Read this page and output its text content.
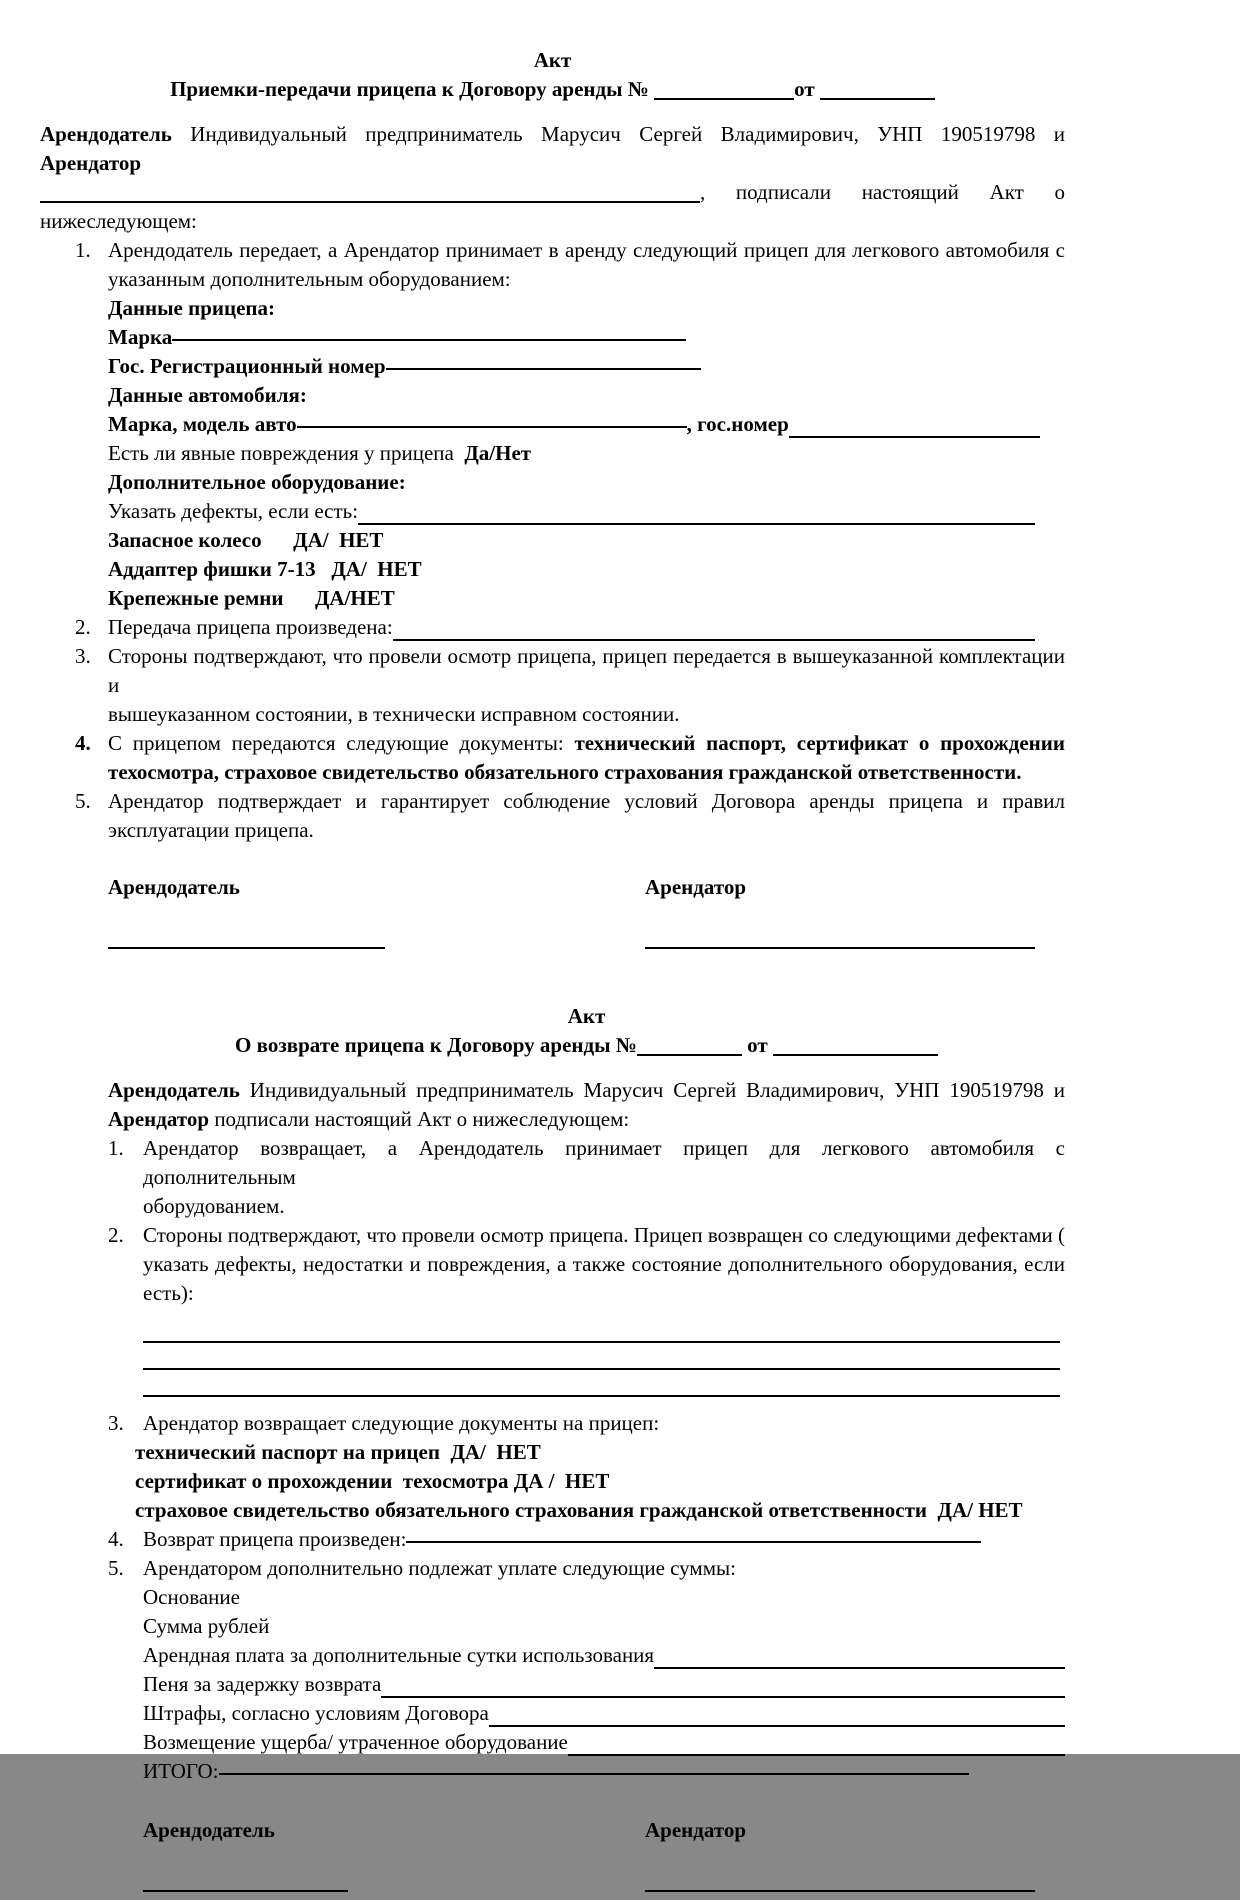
Акт
Приемки-передачи прицепа к Договору аренды №	от
Арендодатель Индивидуальный предприниматель Марусич Сергей Владимирович, УНП 190519798 и Арендатор
, подписали настоящий Акт о
нижеследующем:
1. Арендодатель передает, а Арендатор принимает в аренду следующий прицеп для легкового автомобиля с
указанным дополнительным оборудованием:
Данные прицепа:
Марка
Гос. Регистрационный номер
Данные автомобиля:
Марка, модель авто	, гос.номер
Есть ли явные повреждения у прицепа  Да/Нет
Дополнительное оборудование:
Указать дефекты, если есть:
Запасное колесо      ДА/  НЕТ
Аддаптер фишки 7-13   ДА/  НЕТ
Крепежные ремни      ДА/НЕТ
2. Передача прицепа произведена:
3. Стороны подтверждают, что провели осмотр прицепа, прицеп передается в вышеуказанной комплектации и
вышеуказанном состоянии, в технически исправном состоянии.
4. С прицепом передаются следующие документы: технический паспорт, сертификат о прохождении
техосмотра, страховое свидетельство обязательного страхования гражданской ответственности.
5. Арендатор подтверждает и гарантирует соблюдение условий Договора аренды прицепа и правил
эксплуатации прицепа.
Арендодатель	Арендатор
Акт
О возврате прицепа к Договору аренды №	от
Арендодатель Индивидуальный предприниматель Марусич Сергей Владимирович, УНП 190519798 и
Арендатор подписали настоящий Акт о нижеследующем:
1. Арендатор возвращает, а Арендодатель принимает прицеп для легкового автомобиля с дополнительным
оборудованием.
2. Стороны подтверждают, что провели осмотр прицепа. Прицеп возвращен со следующими дефектами (
указать дефекты, недостатки и повреждения, а также состояние дополнительного оборудования, если
есть):
3. Арендатор возвращает следующие документы на прицеп:
технический паспорт на прицеп  ДА/  НЕТ
сертификат о прохождении  техосмотра ДА /  НЕТ
страховое свидетельство обязательного страхования гражданской ответственности  ДА/ НЕТ
4. Возврат прицепа произведен:
5. Арендатором дополнительно подлежат уплате следующие суммы:
Основание
Сумма рублей
Арендная плата за дополнительные сутки использования
Пеня за задержку возврата
Штрафы, согласно условиям Договора
Возмещение ущерба/ утраченное оборудование
ИТОГО:
Арендодатель	Арендатор
